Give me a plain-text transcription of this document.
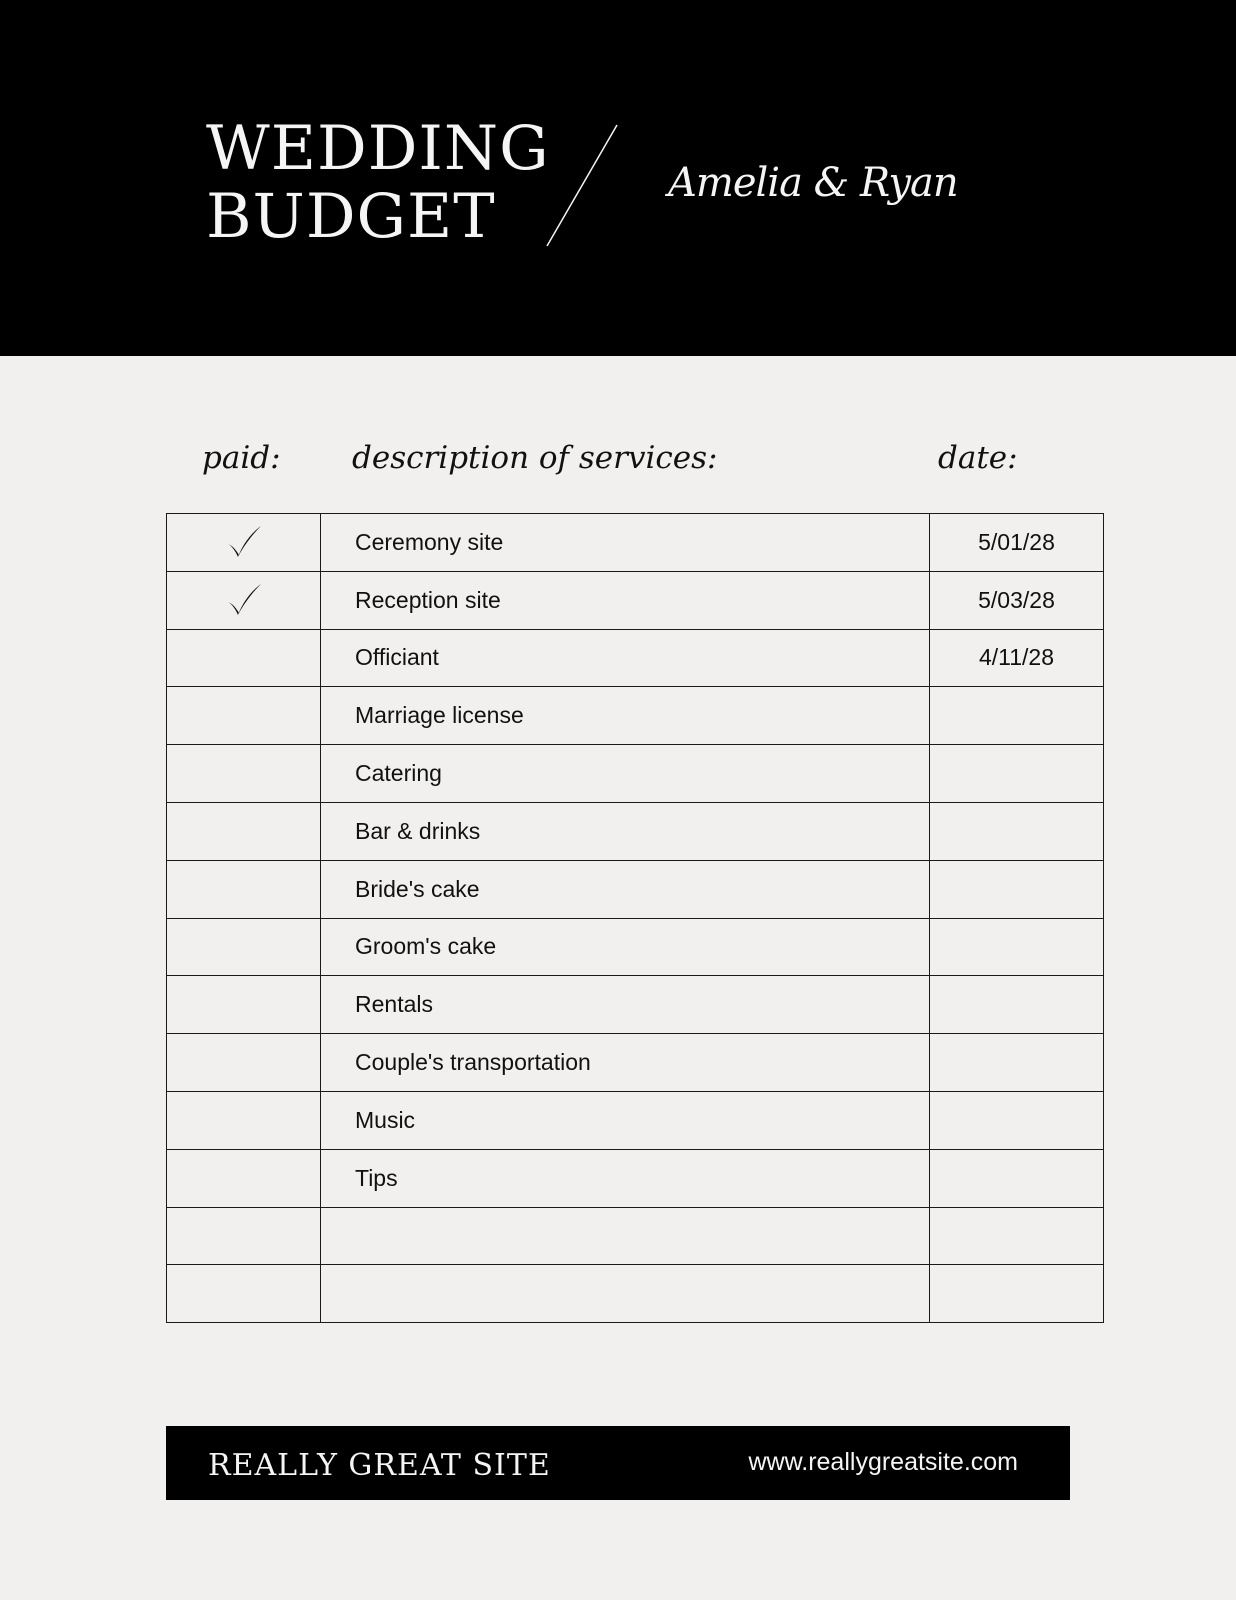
WEDDING
BUDGET	Amelia & Ryan
paid: description of services:	date:
	Ceremony site	5/01/28
	Reception site	5/03/28
	Officiant	4/11/28
	Marriage license	
	Catering	
	Bar & drinks	
	Bride's cake	
	Groom's cake	
	Rentals	
	Couple's transportation	
	Music	
	Tips	

REALLY GREAT SITE	www.reallygreatsite.com
